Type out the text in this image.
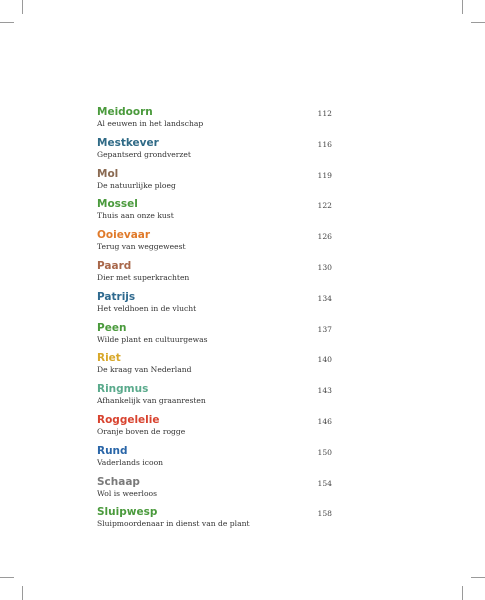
Meidoorn
Al eeuwen in het landschap
112
Mestkever
Gepantserd grondverzet
116
Mol
De natuurlijke ploeg
119
Mossel
Thuis aan onze kust
122
Ooievaar
Terug van weggeweest
126
Paard
Dier met superkrachten
130
Patrijs
Het veldhoen in de vlucht
134
Peen
Wilde plant en cultuurgewas
137
Riet
De kraag van Nederland
140
Ringmus
Afhankelijk van graanresten
143
Roggelelie
Oranje boven de rogge
146
Rund
Vaderlands icoon
150
Schaap
Wol is weerloos
154
Sluipwesp
Sluipmoordenaar in dienst van de plant
158
